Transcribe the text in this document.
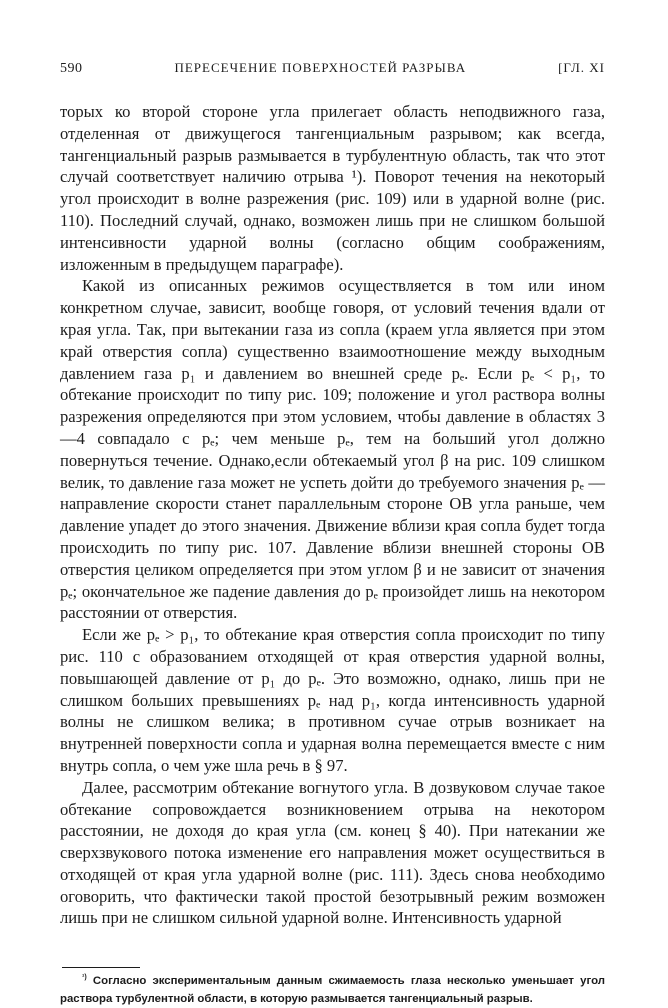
590	ПЕРЕСЕЧЕНИЕ ПОВЕРХНОСТЕЙ РАЗРЫВА	[ГЛ. XI

торых ко второй стороне угла прилегает область неподвижного газа, отделенная от движущегося тангенциальным разрывом; как всегда, тангенциальный разрыв размывается в турбулентную область, так что этот случай соответствует наличию отрыва ¹). Поворот течения на некоторый угол происходит в волне разрежения (рис. 109) или в ударной волне (рис. 110). Последний случай, однако, возможен лишь при не слишком большой интенсивности ударной волны (согласно общим соображениям, изложенным в предыдущем параграфе).

Какой из описанных режимов осуществляется в том или ином конкретном случае, зависит, вообще говоря, от условий течения вдали от края угла. Так, при вытекании газа из сопла (краем угла является при этом край отверстия сопла) существенно взаимоотношение между выходным давлением газа p₁ и давлением во внешней среде pₑ. Если pₑ < p₁, то обтекание происходит по типу рис. 109; положение и угол раствора волны разрежения определяются при этом условием, чтобы давление в областях 3—4 совпадало с pₑ; чем меньше pₑ, тем на больший угол должно повернуться течение. Однако,если обтекаемый угол β на рис. 109 слишком велик, то давление газа может не успеть дойти до требуемого значения pₑ — направление скорости станет параллельным стороне OB угла раньше, чем давление упадет до этого значения. Движение вблизи края сопла будет тогда происходить по типу рис. 107. Давление вблизи внешней стороны OB отверстия целиком определяется при этом углом β и не зависит от значения pₑ; окончательное же падение давления до pₑ произойдет лишь на некотором расстоянии от отверстия.

Если же pₑ > p₁, то обтекание края отверстия сопла происходит по типу рис. 110 с образованием отходящей от края отверстия ударной волны, повышающей давление от p₁ до pₑ. Это возможно, однако, лишь при не слишком больших превышениях pₑ над p₁, когда интенсивность ударной волны не слишком велика; в противном сучае отрыв возникает на внутренней поверхности сопла и ударная волна перемещается вместе с ним внутрь сопла, о чем уже шла речь в § 97.

Далее, рассмотрим обтекание вогнутого угла. В дозвуковом случае такое обтекание сопровождается возникновением отрыва на некотором расстоянии, не доходя до края угла (см. конец § 40). При натекании же сверхзвукового потока изменение его направления может осуществиться в отходящей от края угла ударной волне (рис. 111). Здесь снова необходимо оговорить, что фактически такой простой безотрывный режим возможен лишь при не слишком сильной ударной волне. Интенсивность ударной

$^{^1)}$ Согласно экспериментальным данным сжимаемость глаза несколько уменьшает угол раствора турбулентной области, в которую размывается тангенциальный разрыв.
